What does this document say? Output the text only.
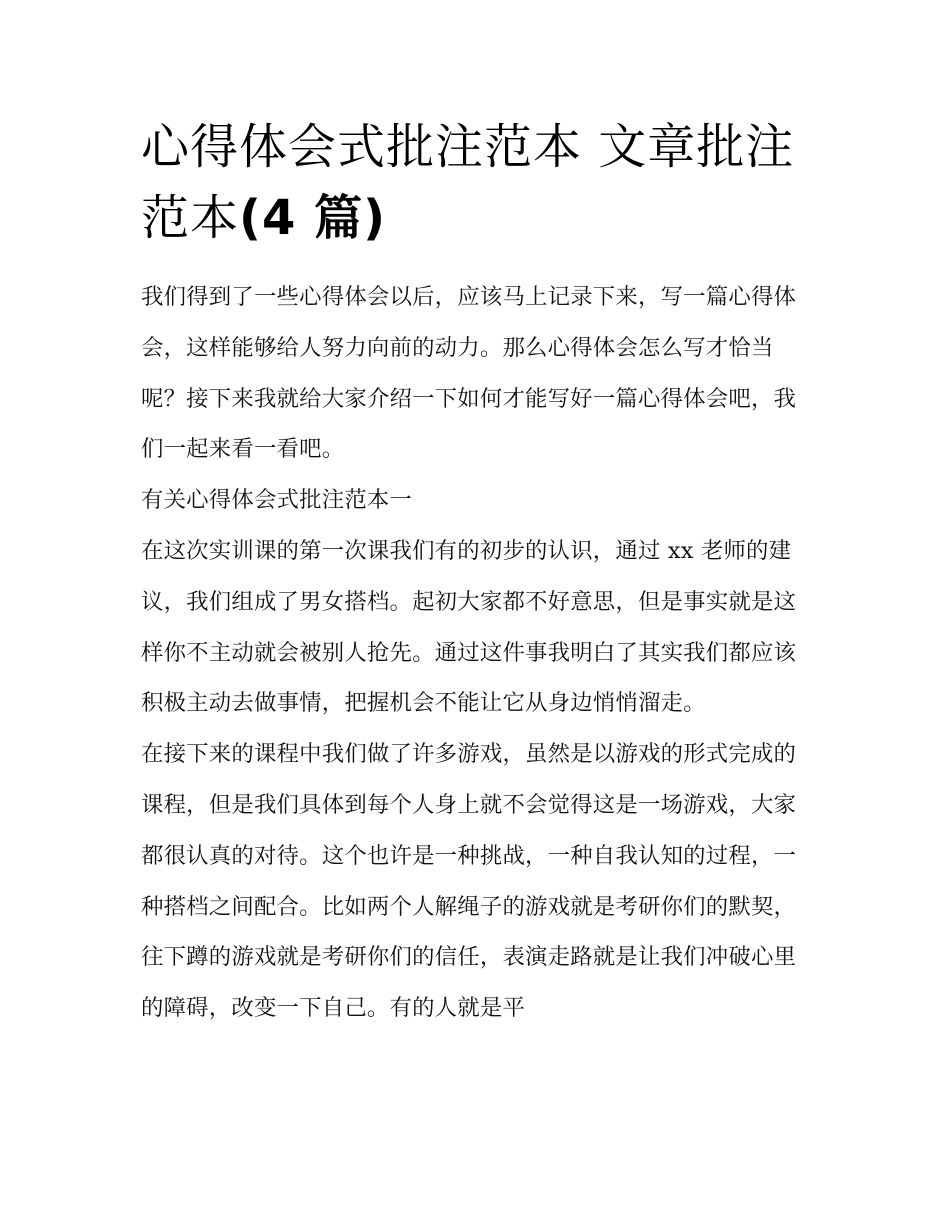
心得体会式批注范本 文章批注
范本(4 篇)

我们得到了一些心得体会以后，应该马上记录下来，写一篇心得体会，这样能够给人努力向前的动力。那么心得体会怎么写才恰当呢？接下来我就给大家介绍一下如何才能写好一篇心得体会吧，我们一起来看一看吧。

有关心得体会式批注范本一

在这次实训课的第一次课我们有的初步的认识，通过 xx 老师的建议，我们组成了男女搭档。起初大家都不好意思，但是事实就是这样你不主动就会被别人抢先。通过这件事我明白了其实我们都应该积极主动去做事情，把握机会不能让它从身边悄悄溜走。

在接下来的课程中我们做了许多游戏，虽然是以游戏的形式完成的课程，但是我们具体到每个人身上就不会觉得这是一场游戏，大家都很认真的对待。这个也许是一种挑战，一种自我认知的过程，一种搭档之间配合。比如两个人解绳子的游戏就是考研你们的默契，往下蹲的游戏就是考研你们的信任，表演走路就是让我们冲破心里的障碍，改变一下自己。有的人就是平
